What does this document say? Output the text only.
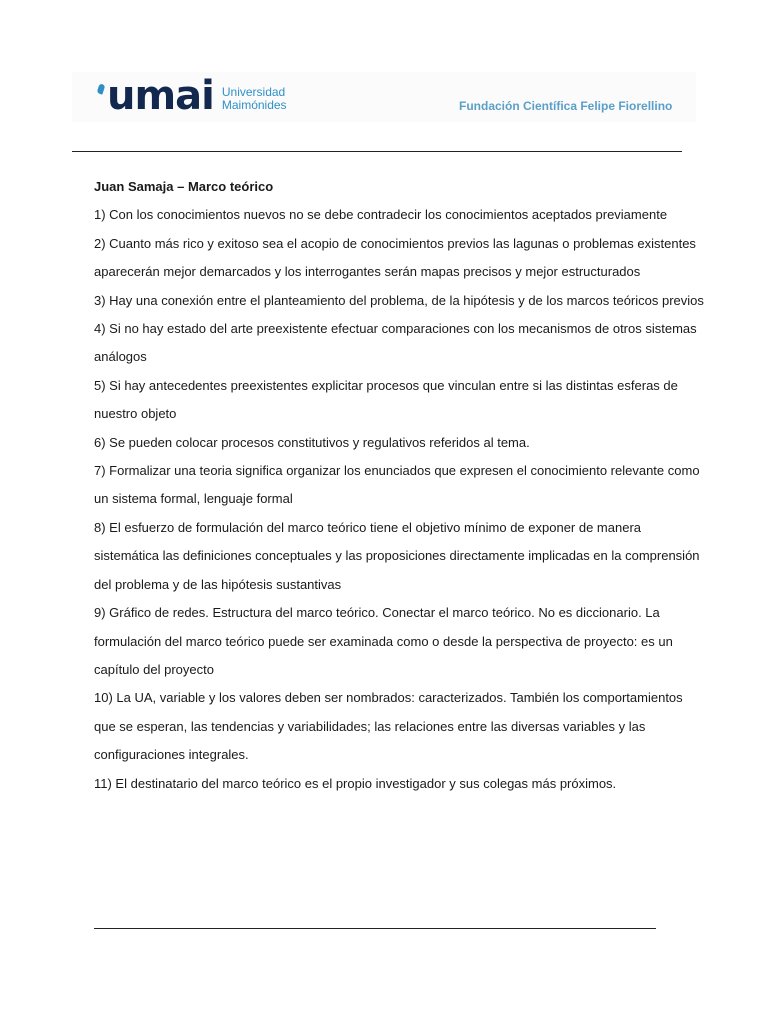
umai Universidad
Maimónides	Fundación Científica Felipe Fiorellino

Juan Samaja – Marco teórico

1) Con los conocimientos nuevos no se debe contradecir los conocimientos aceptados previamente

2) Cuanto más rico y exitoso sea el acopio de conocimientos previos las lagunas o problemas existentes aparecerán mejor demarcados y los interrogantes serán mapas precisos y mejor estructurados

3) Hay una conexión entre el planteamiento del problema, de la hipótesis y de los marcos teóricos previos

4) Si no hay estado del arte preexistente efectuar comparaciones con los mecanismos de otros sistemas análogos

5) Si hay antecedentes preexistentes explicitar procesos que vinculan entre si las distintas esferas de nuestro objeto

6) Se pueden colocar procesos constitutivos y regulativos referidos al tema.

7) Formalizar una teoria significa organizar los enunciados que expresen el conocimiento relevante como un sistema formal, lenguaje formal

8) El esfuerzo de formulación del marco teórico tiene el objetivo mínimo de exponer de manera sistemática las definiciones conceptuales y las proposiciones directamente implicadas en la comprensión del problema y de las hipótesis sustantivas

9) Gráfico de redes. Estructura del marco teórico. Conectar el marco teórico. No es diccionario. La formulación del marco teórico puede ser examinada como o desde la perspectiva de proyecto: es un capítulo del proyecto

10) La UA, variable y los valores deben ser nombrados: caracterizados. También los comportamientos que se esperan, las tendencias y variabilidades; las relaciones entre las diversas variables y las configuraciones integrales.

11) El destinatario del marco teórico es el propio investigador y sus colegas más próximos.
